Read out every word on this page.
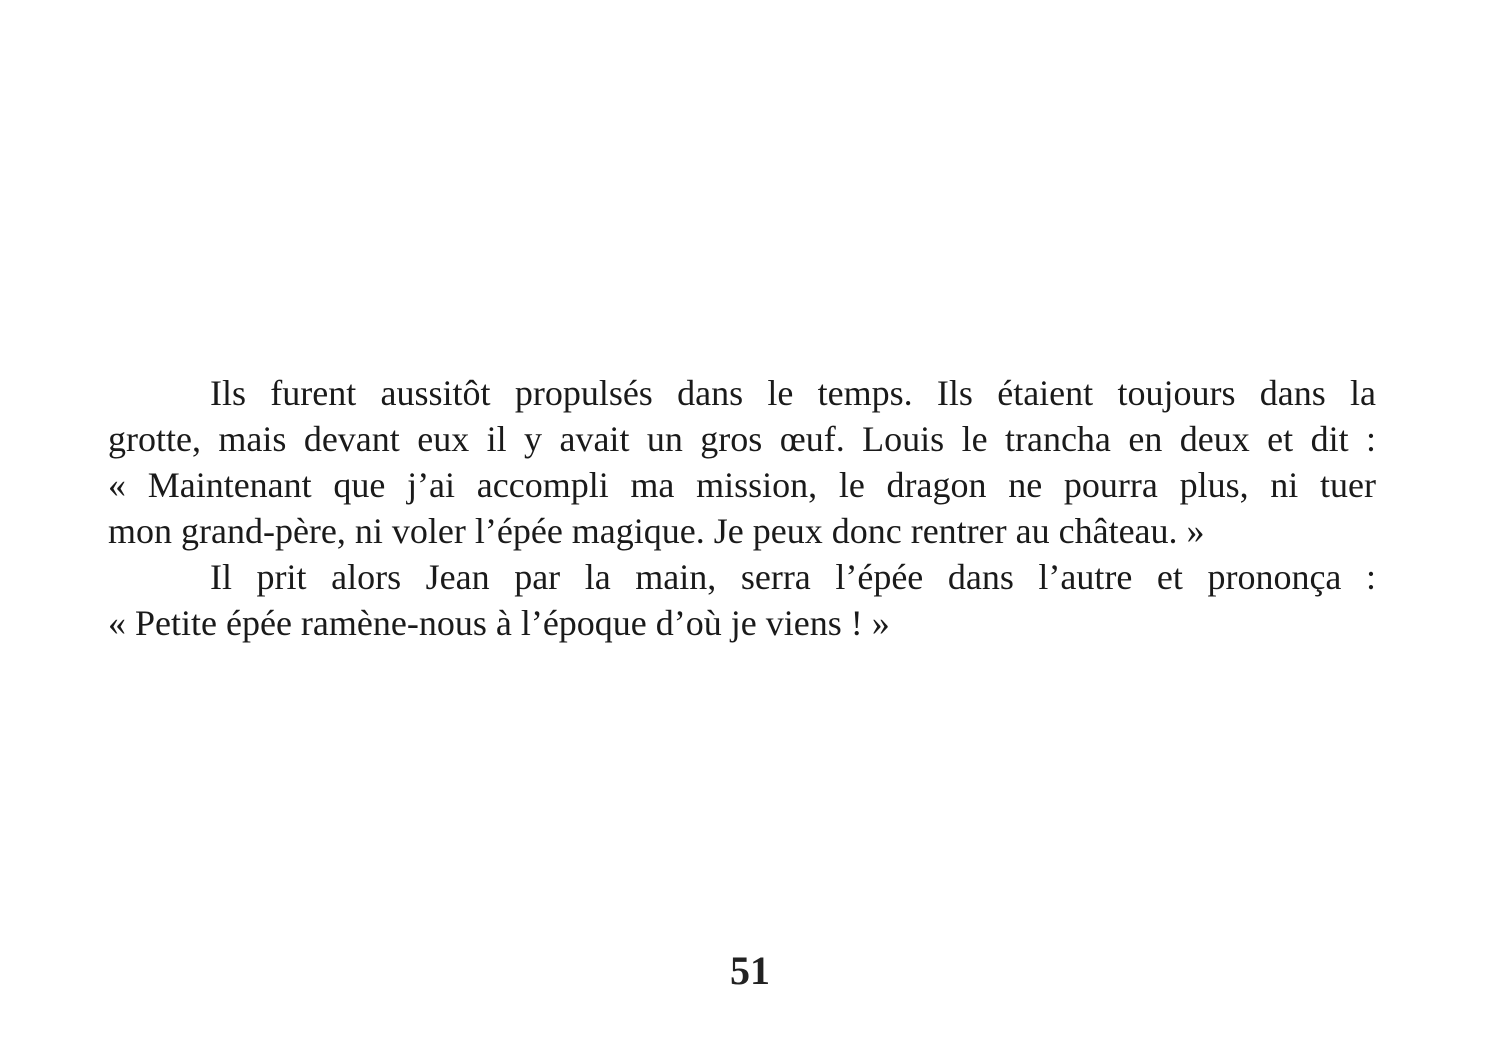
Ils furent aussitôt propulsés dans le temps. Ils étaient toujours dans la
grotte, mais devant eux il y avait un gros œuf. Louis le trancha en deux et dit :
« Maintenant que j’ai accompli ma mission, le dragon ne pourra plus, ni tuer
mon grand-père, ni voler l’épée magique. Je peux donc rentrer au château. »
Il prit alors Jean par la main, serra l’épée dans l’autre et prononça :
« Petite épée ramène-nous à l’époque d’où je viens ! »
51
